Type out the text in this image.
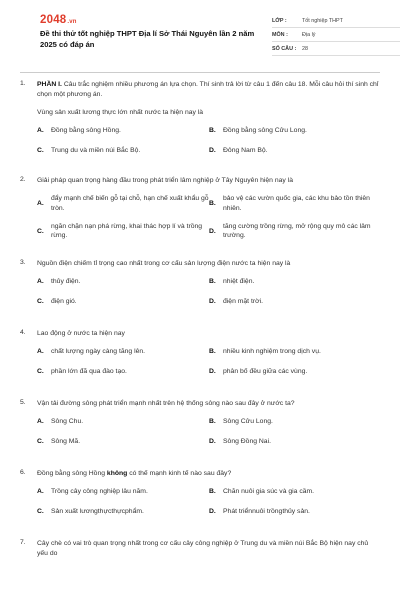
2048.vn
Đề thi thử tốt nghiệp THPT Địa lí Sở Thái Nguyên lần 2 năm 2025 có đáp án
LỚP :	Tốt nghiệp THPT
MÔN :	Địa lý
SỐ CÂU :	28
1. PHẦN I. Câu trắc nghiệm nhiều phương án lựa chọn. Thí sinh trả lời từ câu 1 đến câu 18. Mỗi câu hỏi thí sinh chỉ chọn một phương án.
Vùng sản xuất lương thực lớn nhất nước ta hiện nay là
A. Đồng bằng sông Hồng.	B. Đồng bằng sông Cửu Long.
C. Trung du và miền núi Bắc Bộ.	D. Đông Nam Bộ.
2. Giải pháp quan trọng hàng đầu trong phát triển lâm nghiệp ở Tây Nguyên hiện nay là
A.
đẩy mạnh chế biến gỗ tại chỗ, hạn chế xuất khẩu gỗ tròn.
B.
bảo vệ các vườn quốc gia, các khu bảo tồn thiên nhiên.
C.
ngăn chặn nạn phá rừng, khai thác hợp lí và trồng rừng.
D.
tăng cường trồng rừng, mở rộng quy mô các lâm trường.
3. Nguồn điện chiếm tỉ trọng cao nhất trong cơ cấu sản lượng điện nước ta hiện nay là
A. thủy điện.	B. nhiệt điện.
C. điện gió.	D. điện mặt trời.
4. Lao động ở nước ta hiện nay
A. chất lượng ngày càng tăng lên.	B. nhiều kinh nghiệm trong dịch vụ.
C. phần lớn đã qua đào tạo.	D. phân bố đều giữa các vùng.
5. Vận tải đường sông phát triển mạnh nhất trên hệ thống sông nào sau đây ở nước ta?
A. Sông Chu.	B. Sông Cửu Long.
C. Sông Mã.	D. Sông Đồng Nai.
6. Đồng bằng sông Hồng không có thế mạnh kinh tế nào sau đây?
A. Trồng cây công nghiệp lâu năm.	B. Chăn nuôi gia súc và gia cầm.
C. Sản xuất lươngthựcthựcphẩm.	D. Phát triểnnuôi trồngthủy sản.
7. Cây chè có vai trò quan trọng nhất trong cơ cấu cây công nghiệp ở Trung du và miền núi Bắc Bộ hiện nay chủ yếu do
